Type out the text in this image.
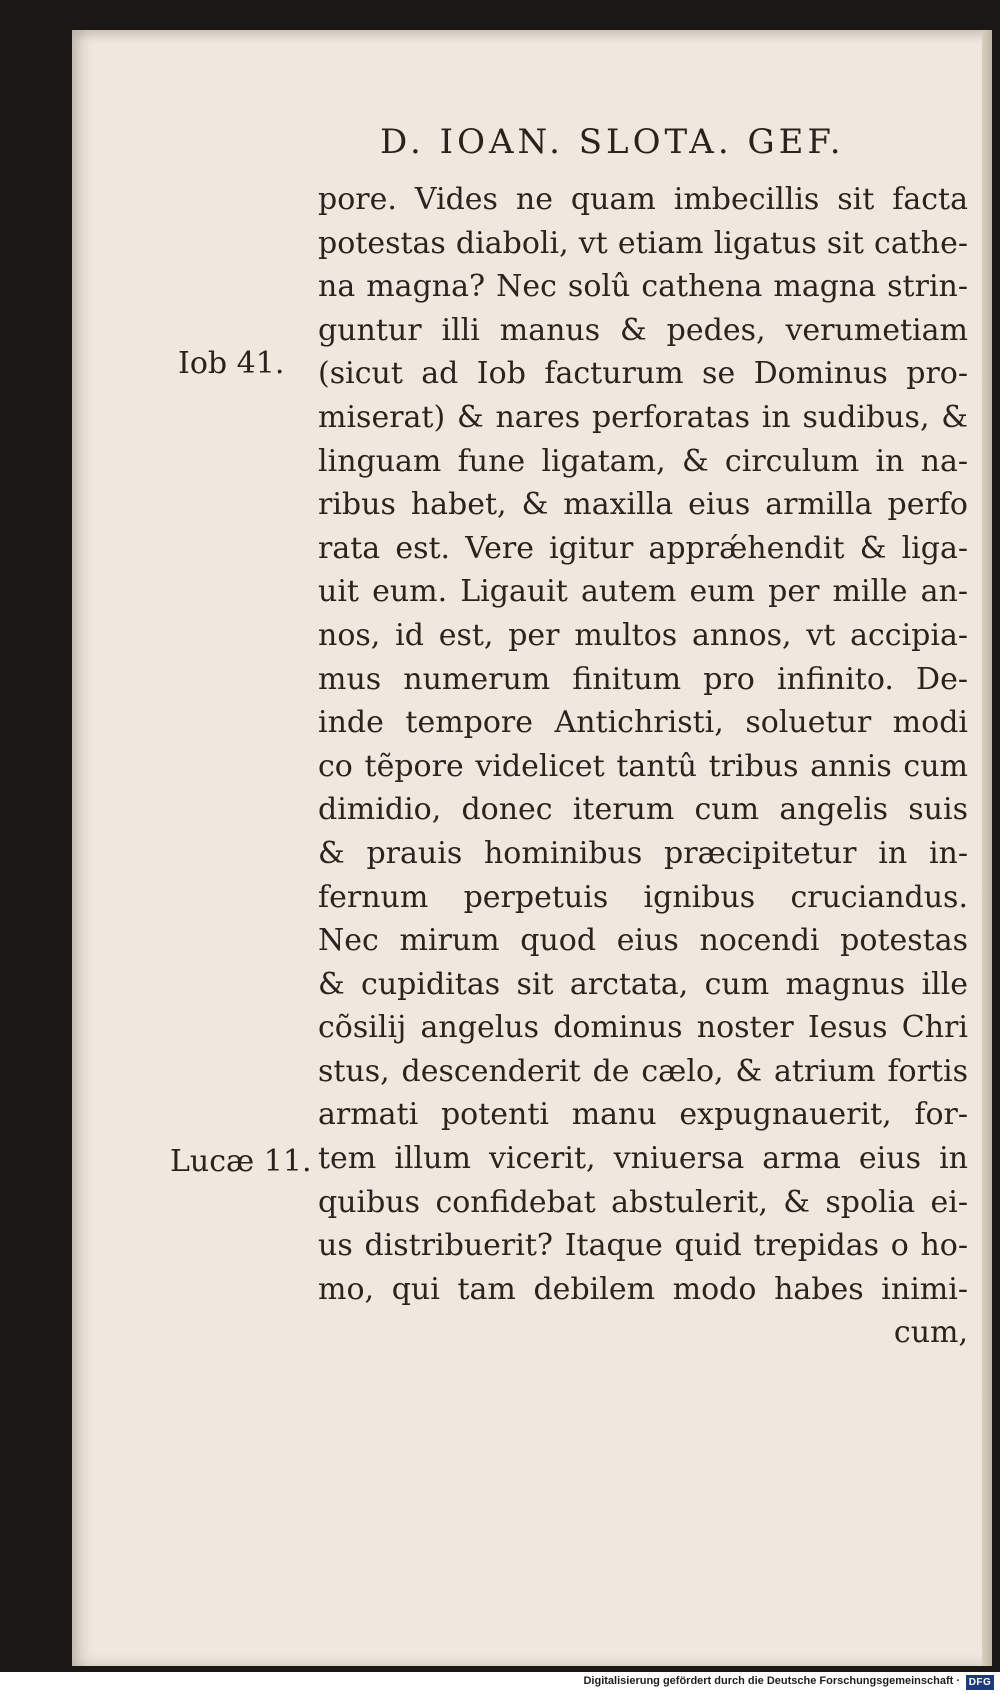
D. IOAN. SLOTA. GEF.
Iob 41.
Lucæ 11.
pore. Vides ne quam imbecillis sit facta
potestas diaboli, vt etiam ligatus sit cathe-
na magna? Nec solû cathena magna strin-
guntur illi manus & pedes, verumetiam
(sicut ad Iob facturum se Dominus pro-
miserat) & nares perforatas in sudibus, &
linguam fune ligatam, & circulum in na-
ribus habet, & maxilla eius armilla perfo
rata est. Vere igitur apprǽhendit & liga-
uit eum. Ligauit autem eum per mille an-
nos, id est, per multos annos, vt accipia-
mus numerum finitum pro infinito. De-
inde tempore Antichristi, soluetur modi
co tẽpore videlicet tantû tribus annis cum
dimidio, donec iterum cum angelis suis
& prauis hominibus præcipitetur in in-
fernum perpetuis ignibus cruciandus.
Nec mirum quod eius nocendi potestas
& cupiditas sit arctata, cum magnus ille
cõsilij angelus dominus noster Iesus Chri
stus, descenderit de cælo, & atrium fortis
armati potenti manu expugnauerit, for-
tem illum vicerit, vniuersa arma eius in
quibus confidebat abstulerit, & spolia ei-
us distribuerit? Itaque quid trepidas o ho-
mo, qui tam debilem modo habes inimi-
cum,
Digitalisierung gefördert durch die Deutsche Forschungsgemeinschaft · DFG
